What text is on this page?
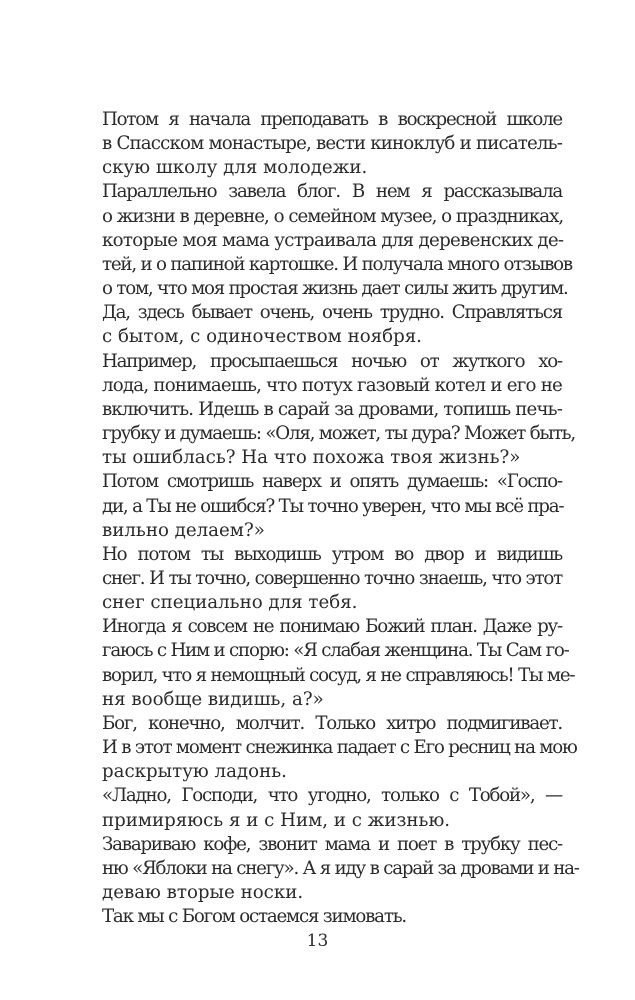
Потом я начала преподавать в воскресной школе
в Спасском монастыре, вести киноклуб и писатель-
скую школу для молодежи.

Параллельно завела блог. В нем я рассказывала
о жизни в деревне, о семейном музее, о праздниках,
которые моя мама устраивала для деревенских де-
тей, и о папиной картошке. И получала много отзывов
о том, что моя простая жизнь дает силы жить другим.

Да, здесь бывает очень, очень трудно. Справляться
с бытом, с одиночеством ноября.

Например, просыпаешься ночью от жуткого хо-
лода, понимаешь, что потух газовый котел и его не
включить. Идешь в сарай за дровами, топишь печь-
грубку и думаешь: «Оля, может, ты дура? Может быть,
ты ошиблась? На что похожа твоя жизнь?»

Потом смотришь наверх и опять думаешь: «Госпо-
ди, а Ты не ошибся? Ты точно уверен, что мы всё пра-
вильно делаем?»

Но потом ты выходишь утром во двор и видишь
снег. И ты точно, совершенно точно знаешь, что этот
снег специально для тебя.

Иногда я совсем не понимаю Божий план. Даже ру-
гаюсь с Ним и спорю: «Я слабая женщина. Ты Сам го-
ворил, что я немощный сосуд, я не справляюсь! Ты ме-
ня вообще видишь, а?»

Бог, конечно, молчит. Только хитро подмигивает.
И в этот момент снежинка падает с Его ресниц на мою
раскрытую ладонь.

«Ладно, Господи, что угодно, только с Тобой», —
примиряюсь я и с Ним, и с жизнью.

Завариваю кофе, звонит мама и поет в трубку пес-
ню «Яблоки на снегу». А я иду в сарай за дровами и на-
деваю вторые носки.

Так мы с Богом остаемся зимовать.

13
